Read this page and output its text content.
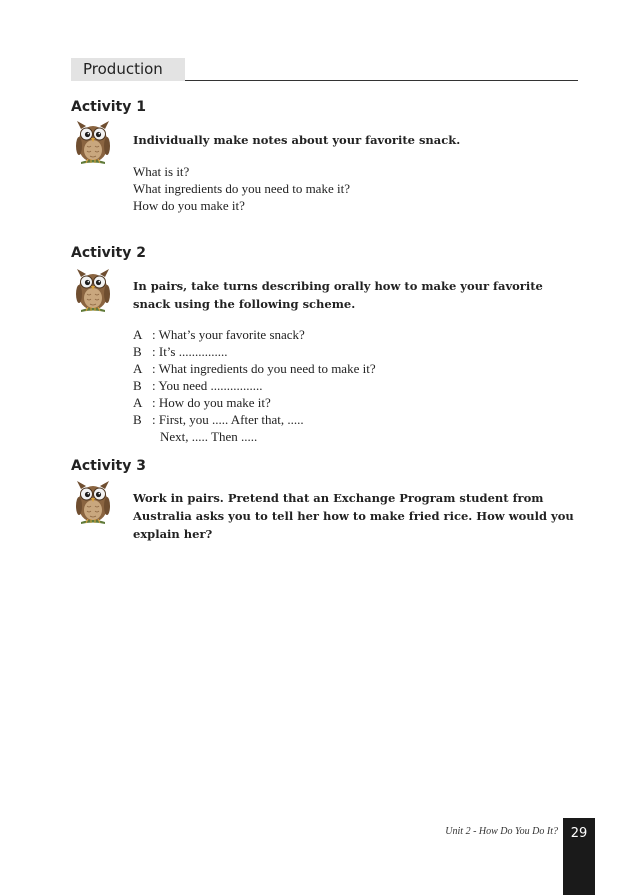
Production
Activity 1
Individually make notes about your favorite snack.
What is it?
What ingredients do you need to make it?
How do you make it?
Activity 2
In pairs, take turns describing orally how to make your favorite snack using the following scheme.
A : What’s your favorite snack?
B : It’s ...............
A : What ingredients do you need to make it?
B : You need ................
A : How do you make it?
B : First, you ..... After that, .....
Next, ..... Then .....
Activity 3
Work in pairs. Pretend that an Exchange Program student from Australia asks you to tell her how to make fried rice. How would you explain her?
Unit 2 - How Do You Do It? 29
